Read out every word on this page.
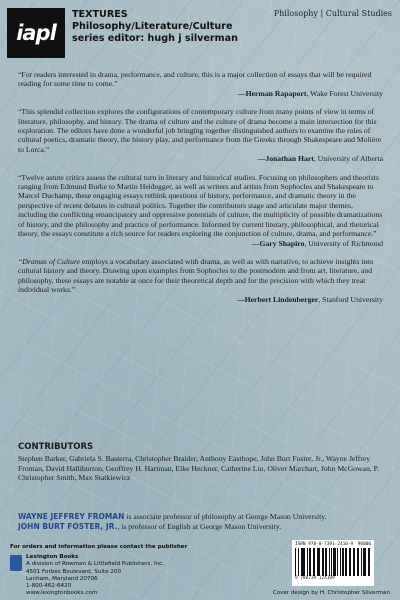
iapl
TEXTURES
Philosophy/Literature/Culture
series editor: hugh j silverman
Philosophy | Cultural Studies

“For readers interested in drama, performance, and culture, this is a major collection of essays that will be required reading for some time to come.”

—Herman Rapaport, Wake Forest University

“This splendid collection explores the configurations of contemporary culture from many points of view in terms of literature, philosophy, and history. The drama of culture and the culture of drama become a main intersection for this exploration. The editors have done a wonderful job bringing together distinguished authors to examine the roles of cultural poetics, dramatic theory, the history play, and performance from the Greeks through Shakespeare and Molière to Lorca.”

—Jonathan Hart, University of Alberta

“Twelve astute critics assess the cultural turn in literary and historical studies. Focusing on philosophers and theorists ranging from Edmund Burke to Martin Heidegger, as well as writers and artists from Sophocles and Shakespeare to Marcel Duchamp, these engaging essays rethink questions of history, performance, and dramatic theory in the perspective of recent debates in cultural politics. Together the contributors stage and articulate major themes, including the conflicting emancipatory and oppressive potentials of culture, the multiplicity of possible dramatizations of history, and the philosophy and practice of performance. Informed by current literary, philosophical, and rhetorical theory, the essays constitute a rich source for readers exploring the conjunction of culture, drama, and performance.”

—Gary Shapiro, University of Richmond

“Dramas of Culture employs a vocabulary associated with drama, as well as with narrative, to achieve insights into cultural history and theory. Drawing upon examples from Sophocles to the postmodern and from art, literature, and philosophy, these essays are notable at once for their theoretical depth and for the precision with which they treat individual works.”

—Herbert Lindenberger, Stanford University

CONTRIBUTORS
Stephen Barker, Gabriela S. Basterra, Christopher Braider, Anthony Easthope, John Burt Foster, Jr., Wayne Jeffrey Froman, David Halliburton, Geoffrey H. Hartman, Elke Heckner, Catherine Liu, Oliver Marchart, John McGowan, P. Christopher Smith, Max Statkiewicz
WAYNE JEFFREY FROMAN is associate professor of philosophy at George Mason University.
JOHN BURT FOSTER, JR., is professor of English at George Mason University.
For orders and information please contact the publisher
Lexington Books
A division of Rowman & Littlefield Publishers, Inc.
4501 Forbes Boulevard, Suite 200
Lanham, Maryland 20706
1-800-462-6420
www.lexingtonbooks.com
ISBN 978-0-7391-2410-9 90000
9 780739 124109
Cover design by H. Christopher Silverman
